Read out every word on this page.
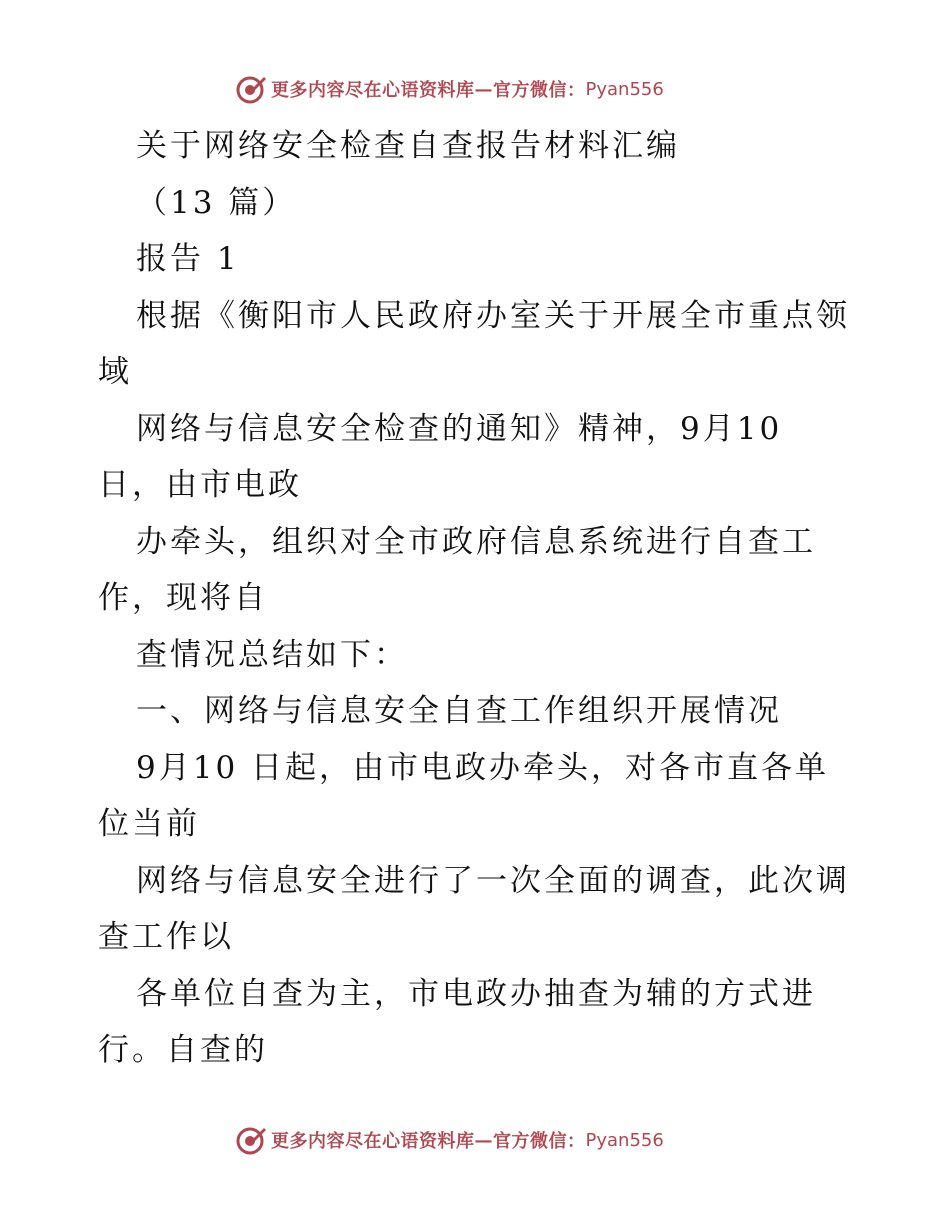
更多内容尽在心语资料库 — 官方微信： Pyan556
关于网络安全检查自查报告材料汇编
（13 篇）
报告 1
根据《衡阳市人民政府办室关于开展全市重点领
域
网络与信息安全检查的通知》精神，9月10
日，由市电政
办牵头，组织对全市政府信息系统进行自查工
作，现将自
查情况总结如下：
一、网络与信息安全自查工作组织开展情况
9月10 日起，由市电政办牵头，对各市直各单
位当前
网络与信息安全进行了一次全面的调查，此次调
查工作以
各单位自查为主，市电政办抽查为辅的方式进
行。自查的
更多内容尽在心语资料库 — 官方微信： Pyan556
